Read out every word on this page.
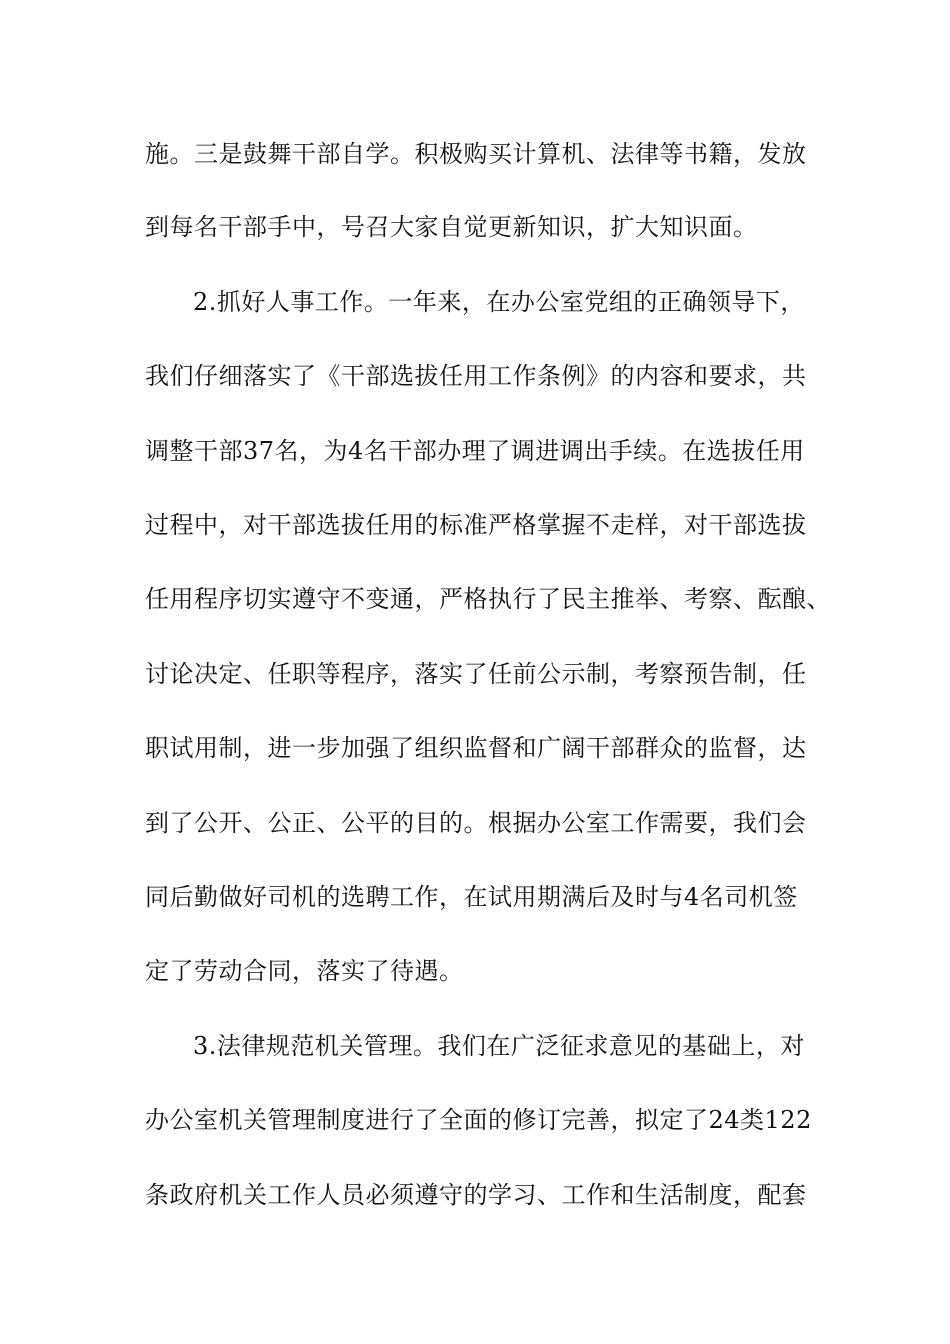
施。三是鼓舞干部自学。积极购买计算机、法律等书籍，发放
到每名干部手中，号召大家自觉更新知识，扩大知识面。
2.抓好人事工作。一年来，在办公室党组的正确领导下，
我们仔细落实了《干部选拔任用工作条例》的内容和要求，共
调整干部37名，为4名干部办理了调进调出手续。在选拔任用
过程中，对干部选拔任用的标准严格掌握不走样，对干部选拔
任用程序切实遵守不变通，严格执行了民主推举、考察、酝酿、
讨论决定、任职等程序，落实了任前公示制，考察预告制，任
职试用制，进一步加强了组织监督和广阔干部群众的监督，达
到了公开、公正、公平的目的。根据办公室工作需要，我们会
同后勤做好司机的选聘工作，在试用期满后及时与4名司机签
定了劳动合同，落实了待遇。
3.法律规范机关管理。我们在广泛征求意见的基础上，对
办公室机关管理制度进行了全面的修订完善，拟定了24类122
条政府机关工作人员必须遵守的学习、工作和生活制度，配套
